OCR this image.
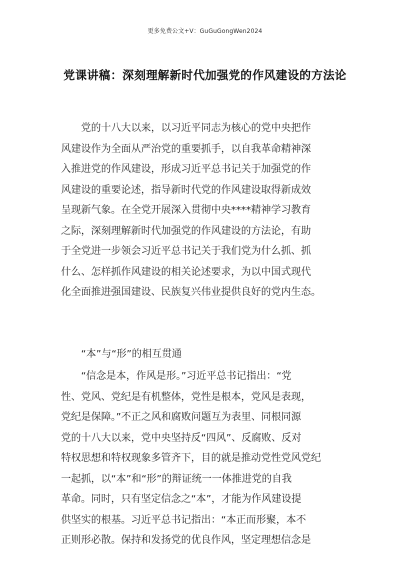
更多免费公文+V：GuGuGongWen2024
党课讲稿：深刻理解新时代加强党的作风建设的方法论
党的十八大以来，以习近平同志为核心的党中央把作
风建设作为全面从严治党的重要抓手，以自我革命精神深
入推进党的作风建设，形成习近平总书记关于加强党的作
风建设的重要论述，指导新时代党的作风建设取得新成效
呈现新气象。在全党开展深入贯彻中央****精神学习教育
之际，深刻理解新时代加强党的作风建设的方法论，有助
于全党进一步领会习近平总书记关于我们党为什么抓、抓
什么、怎样抓作风建设的相关论述要求，为以中国式现代
化全面推进强国建设、民族复兴伟业提供良好的党内生态。
“本”与“形”的相互贯通
“信念是本，作风是形。”习近平总书记指出：“党
性、党风、党纪是有机整体，党性是根本，党风是表现，
党纪是保障。”不正之风和腐败问题互为表里、同根同源
党的十八大以来，党中央坚持反“四风”、反腐败、反对
特权思想和特权现象多管齐下，目的就是推动党性党风党纪
一起抓，以“本”和“形”的辩证统一一体推进党的自我
革命。同时，只有坚定信念之“本”，才能为作风建设提
供坚实的根基。习近平总书记指出：“本正而形聚，本不
正则形必散。保持和发扬党的优良作风，坚定理想信念是
